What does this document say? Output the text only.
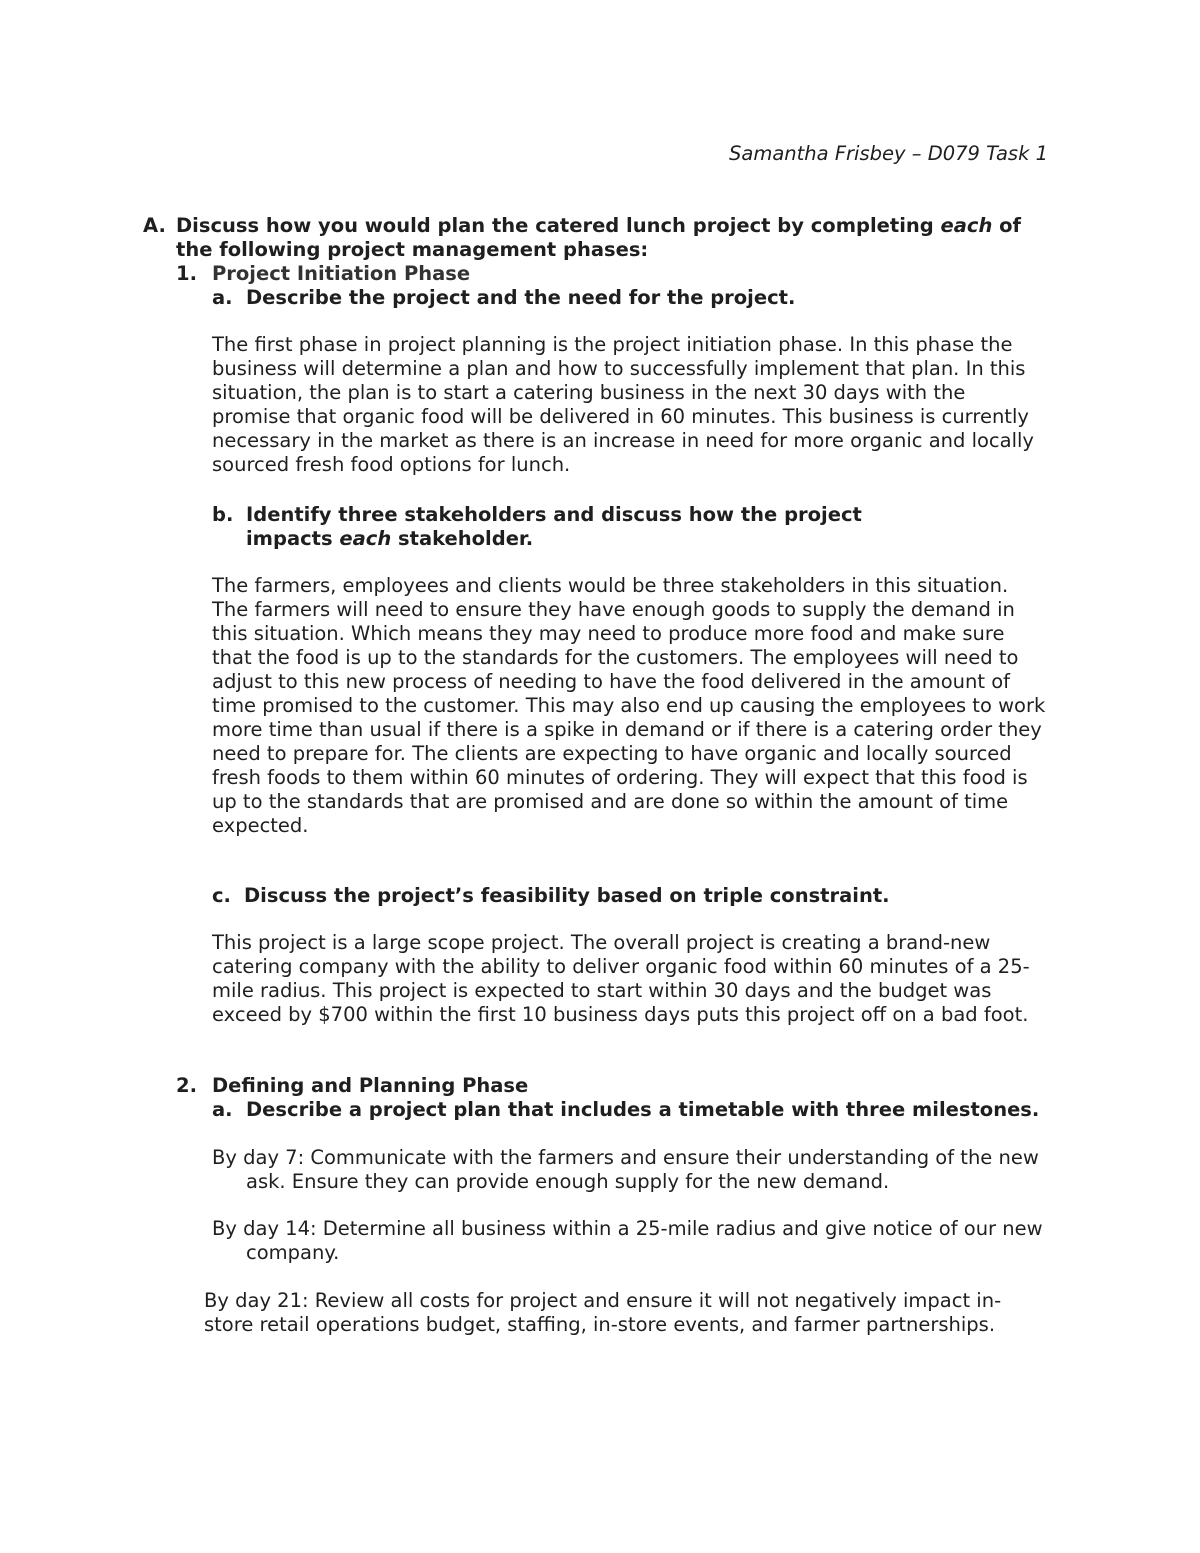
Samantha Frisbey – D079 Task 1
A. Discuss how you would plan the catered lunch project by completing each of
the following project management phases:
1. Project Initiation Phase
a. Describe the project and the need for the project.
The first phase in project planning is the project initiation phase. In this phase the
business will determine a plan and how to successfully implement that plan. In this
situation, the plan is to start a catering business in the next 30 days with the
promise that organic food will be delivered in 60 minutes. This business is currently
necessary in the market as there is an increase in need for more organic and locally
sourced fresh food options for lunch.
b. Identify three stakeholders and discuss how the project
impacts each stakeholder.
The farmers, employees and clients would be three stakeholders in this situation.
The farmers will need to ensure they have enough goods to supply the demand in
this situation. Which means they may need to produce more food and make sure
that the food is up to the standards for the customers. The employees will need to
adjust to this new process of needing to have the food delivered in the amount of
time promised to the customer. This may also end up causing the employees to work
more time than usual if there is a spike in demand or if there is a catering order they
need to prepare for. The clients are expecting to have organic and locally sourced
fresh foods to them within 60 minutes of ordering. They will expect that this food is
up to the standards that are promised and are done so within the amount of time
expected.
c. Discuss the project’s feasibility based on triple constraint.
This project is a large scope project. The overall project is creating a brand-new
catering company with the ability to deliver organic food within 60 minutes of a 25-
mile radius. This project is expected to start within 30 days and the budget was
exceed by $700 within the first 10 business days puts this project off on a bad foot.
2. Defining and Planning Phase
a. Describe a project plan that includes a timetable with three milestones.
By day 7: Communicate with the farmers and ensure their understanding of the new
ask. Ensure they can provide enough supply for the new demand.
By day 14: Determine all business within a 25-mile radius and give notice of our new
company.
By day 21: Review all costs for project and ensure it will not negatively impact in-
store retail operations budget, staffing, in-store events, and farmer partnerships.
